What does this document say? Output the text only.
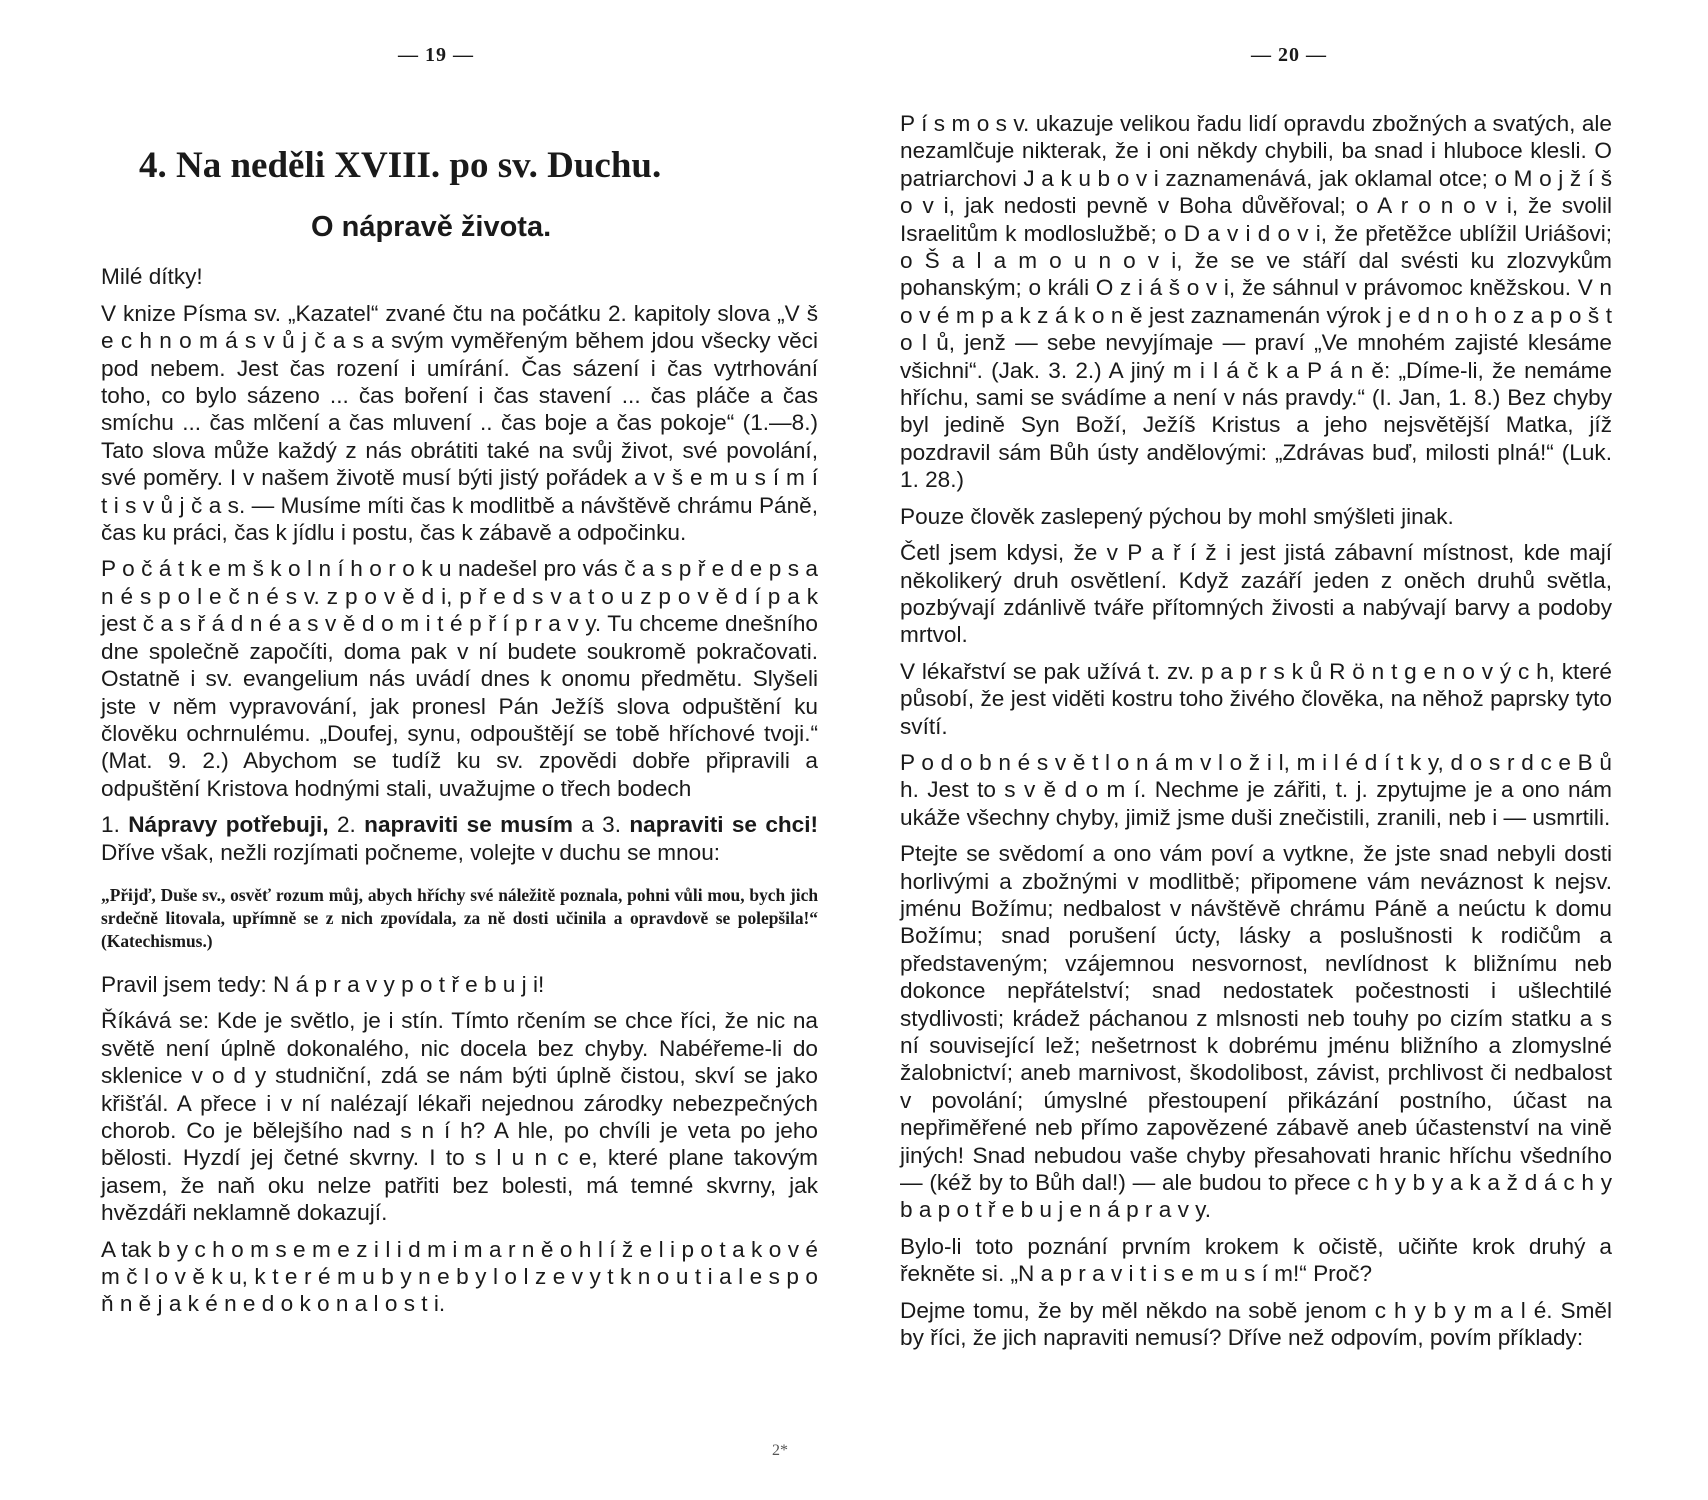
— 19 —
4. Na neděli XVIII. po sv. Duchu.
O nápravě života.

Milé dítky!

V knize Písma sv. „Kazatel“ zvané čtu na počátku 2. kapitoly slova „V š e c h n o m á s v ů j č a s a svým vyměřeným během jdou všecky věci pod nebem. Jest čas rození i umírání. Čas sázení i čas vytrhování toho, co bylo sázeno ... čas boření i čas stavení ... čas pláče a čas smíchu ... čas mlčení a čas mluvení .. čas boje a čas pokoje“ (1.—8.) Tato slova může každý z nás obrátiti také na svůj život, své povolání, své poměry. I v našem životě musí býti jistý pořádek a v š e m u s í m í t i s v ů j č a s. — Musíme míti čas k modlitbě a návštěvě chrámu Páně, čas ku práci, čas k jídlu i postu, čas k zábavě a odpočinku.

P o č á t k e m š k o l n í h o r o k u nadešel pro vás č a s p ř e d e p s a n é s p o l e č n é s v. z p o v ě d i, p ř e d s v a t o u z p o v ě d í p a k jest č a s ř á d n é a s v ě d o m i t é p ř í p r a v y. Tu chceme dnešního dne společně započíti, doma pak v ní budete soukromě pokračovati. Ostatně i sv. evangelium nás uvádí dnes k onomu předmětu. Slyšeli jste v něm vypravování, jak pronesl Pán Ježíš slova odpuštění ku člověku ochrnulému. „Doufej, synu, odpouštějí se tobě hříchové tvoji.“ (Mat. 9. 2.) Abychom se tudíž ku sv. zpovědi dobře připravili a odpuštění Kristova hodnými stali, uvažujme o třech bodech

1. Nápravy potřebuji, 2. napraviti se musím a 3. napraviti se chci! Dříve však, nežli rozjímati počneme, volejte v duchu se mnou:

„Přijď, Duše sv., osvěť rozum můj, abych hříchy své náležitě poznala, pohni vůli mou, bych jich srdečně litovala, upřímně se z nich zpovídala, za ně dosti učinila a opravdově se polepšila!“ (Katechismus.)

Pravil jsem tedy: N á p r a v y p o t ř e b u j i!

Říkává se: Kde je světlo, je i stín. Tímto rčením se chce říci, že nic na světě není úplně dokonalého, nic docela bez chyby. Nabéřeme-li do sklenice v o d y studniční, zdá se nám býti úplně čistou, skví se jako křišťál. A přece i v ní nalézají lékaři nejednou zárodky nebezpečných chorob. Co je bělejšího nad s n í h? A hle, po chvíli je veta po jeho bělosti. Hyzdí jej četné skvrny. I to s l u n c e, které plane takovým jasem, že naň oku nelze patřiti bez bolesti, má temné skvrny, jak hvězdáři neklamně dokazují.

A tak b y c h o m s e m e z i l i d m i m a r n ě o h l í ž e l i p o t a k o v é m č l o v ě k u, k t e r é m u b y n e b y l o l z e v y t k n o u t i a l e s p o ň n ě j a k é n e d o k o n a l o s t i.

2*
— 20 —

P í s m o s v. ukazuje velikou řadu lidí opravdu zbožných a svatých, ale nezamlčuje nikterak, že i oni někdy chybili, ba snad i hluboce klesli. O patriarchovi J a k u b o v i zaznamenává, jak oklamal otce; o M o j ž í š o v i, jak nedosti pevně v Boha důvěřoval; o A r o n o v i, že svolil Israelitům k modloslužbě; o D a v i d o v i, že přetěžce ublížil Uriášovi; o Š a l a m o u n o v i, že se ve stáří dal svésti ku zlozvykům pohanským; o králi O z i á š o v i, že sáhnul v právomoc kněžskou. V n o v é m p a k z á k o n ě jest zaznamenán výrok j e d n o h o z a p o š t o l ů, jenž — sebe nevyjímaje — praví „Ve mnohém zajisté klesáme všichni“. (Jak. 3. 2.) A jiný m i l á č k a P á n ě: „Díme-li, že nemáme hříchu, sami se svádíme a není v nás pravdy.“ (I. Jan, 1. 8.) Bez chyby byl jedině Syn Boží, Ježíš Kristus a jeho nejsvětější Matka, jíž pozdravil sám Bůh ústy andělovými: „Zdrávas buď, milosti plná!“ (Luk. 1. 28.)

Pouze člověk zaslepený pýchou by mohl smýšleti jinak.

Četl jsem kdysi, že v P a ř í ž i jest jistá zábavní místnost, kde mají několikerý druh osvětlení. Když zazáří jeden z oněch druhů světla, pozbývají zdánlivě tváře přítomných živosti a nabývají barvy a podoby mrtvol.

V lékařství se pak užívá t. zv. p a p r s k ů R ö n t g e n o v ý c h, které působí, že jest viděti kostru toho živého člověka, na něhož paprsky tyto svítí.

P o d o b n é s v ě t l o n á m v l o ž i l, m i l é d í t k y, d o s r d c e B ů h. Jest to s v ě d o m í. Nechme je zářiti, t. j. zpytujme je a ono nám ukáže všechny chyby, jimiž jsme duši znečistili, zranili, neb i — usmrtili.

Ptejte se svědomí a ono vám poví a vytkne, že jste snad nebyli dosti horlivými a zbožnými v modlitbě; připomene vám neváznost k nejsv. jménu Božímu; nedbalost v návštěvě chrámu Páně a neúctu k domu Božímu; snad porušení úcty, lásky a poslušnosti k rodičům a představeným; vzájemnou nesvornost, nevlídnost k bližnímu neb dokonce nepřátelství; snad nedostatek počestnosti i ušlechtilé stydlivosti; krádež páchanou z mlsnosti neb touhy po cizím statku a s ní související lež; nešetrnost k dobrému jménu bližního a zlomyslné žalobnictví; aneb marnivost, škodolibost, závist, prchlivost či nedbalost v povolání; úmyslné přestoupení přikázání postního, účast na nepřiměřené neb přímo zapovězené zábavě aneb účastenství na vině jiných! Snad nebudou vaše chyby přesahovati hranic hříchu všedního — (kéž by to Bůh dal!) — ale budou to přece c h y b y a k a ž d á c h y b a p o t ř e b u j e n á p r a v y.

Bylo-li toto poznání prvním krokem k očistě, učiňte krok druhý a řekněte si. „N a p r a v i t i s e m u s í m!“ Proč?

Dejme tomu, že by měl někdo na sobě jenom c h y b y m a l é. Směl by říci, že jich napraviti nemusí? Dříve než odpovím, povím příklady:
